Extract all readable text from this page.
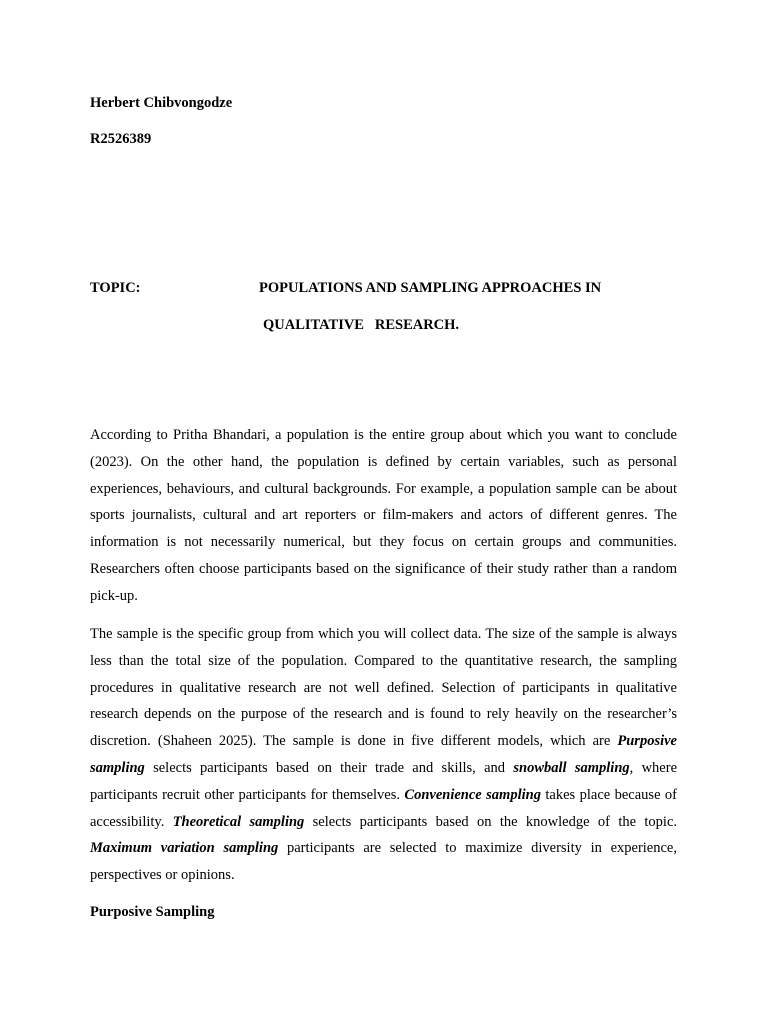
Herbert Chibvongodze

R2526389

TOPIC:	POPULATIONS AND SAMPLING APPROACHES IN

QUALITATIVE   RESEARCH.

According to Pritha Bhandari, a population is the entire group about which you want to conclude (2023). On the other hand, the population is defined by certain variables, such as personal experiences, behaviours, and cultural backgrounds. For example, a population sample can be about sports journalists, cultural and art reporters or film-makers and actors of different genres. The information is not necessarily numerical, but they focus on certain groups and communities. Researchers often choose participants based on the significance of their study rather than a random pick-up.

The sample is the specific group from which you will collect data. The size of the sample is always less than the total size of the population. Compared to the quantitative research, the sampling procedures in qualitative research are not well defined. Selection of participants in qualitative research depends on the purpose of the research and is found to rely heavily on the researcher’s discretion. (Shaheen 2025). The sample is done in five different models, which are Purposive sampling selects participants based on their trade and skills, and snowball sampling, where participants recruit other participants for themselves. Convenience sampling takes place because of accessibility. Theoretical sampling selects participants based on the knowledge of the topic. Maximum variation sampling participants are selected to maximize diversity in experience, perspectives or opinions.

Purposive Sampling
